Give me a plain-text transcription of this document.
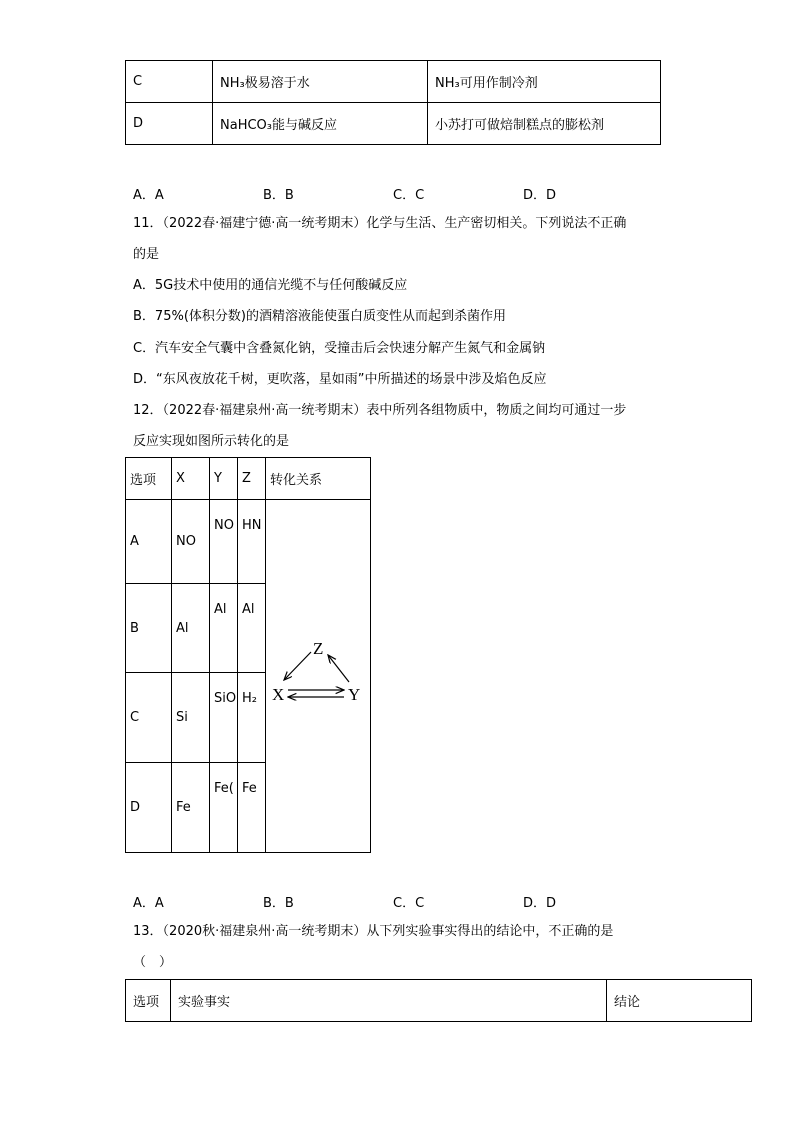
C	NH₃极易溶于水	NH₃可用作制冷剂
D	NaHCO₃能与碱反应	小苏打可做焙制糕点的膨松剂
A．A	B．B	C．C	D．D
11．（2022春·福建宁德·高一统考期末）化学与生活、生产密切相关。下列说法不正确
的是
A．5G技术中使用的通信光缆不与任何酸碱反应
B．75%(体积分数)的酒精溶液能使蛋白质变性从而起到杀菌作用
C．汽车安全气囊中含叠氮化钠，受撞击后会快速分解产生氮气和金属钠
D．“东风夜放花千树，更吹落，星如雨”中所描述的场景中涉及焰色反应
12．（2022春·福建泉州·高一统考期末）表中所列各组物质中，物质之间均可通过一步
反应实现如图所示转化的是
选项	X	Y	Z	转化关系
A	NO	NO	HN	Z
X Y

B	Al	Al	Al	

C	Si	SiO	H₂	

D	Fe	Fe(	Fe	
A．A	B．B	C．C	D．D
13．（2020秋·福建泉州·高一统考期末）从下列实验事实得出的结论中，不正确的是
（　）
选项	实验事实	结论
